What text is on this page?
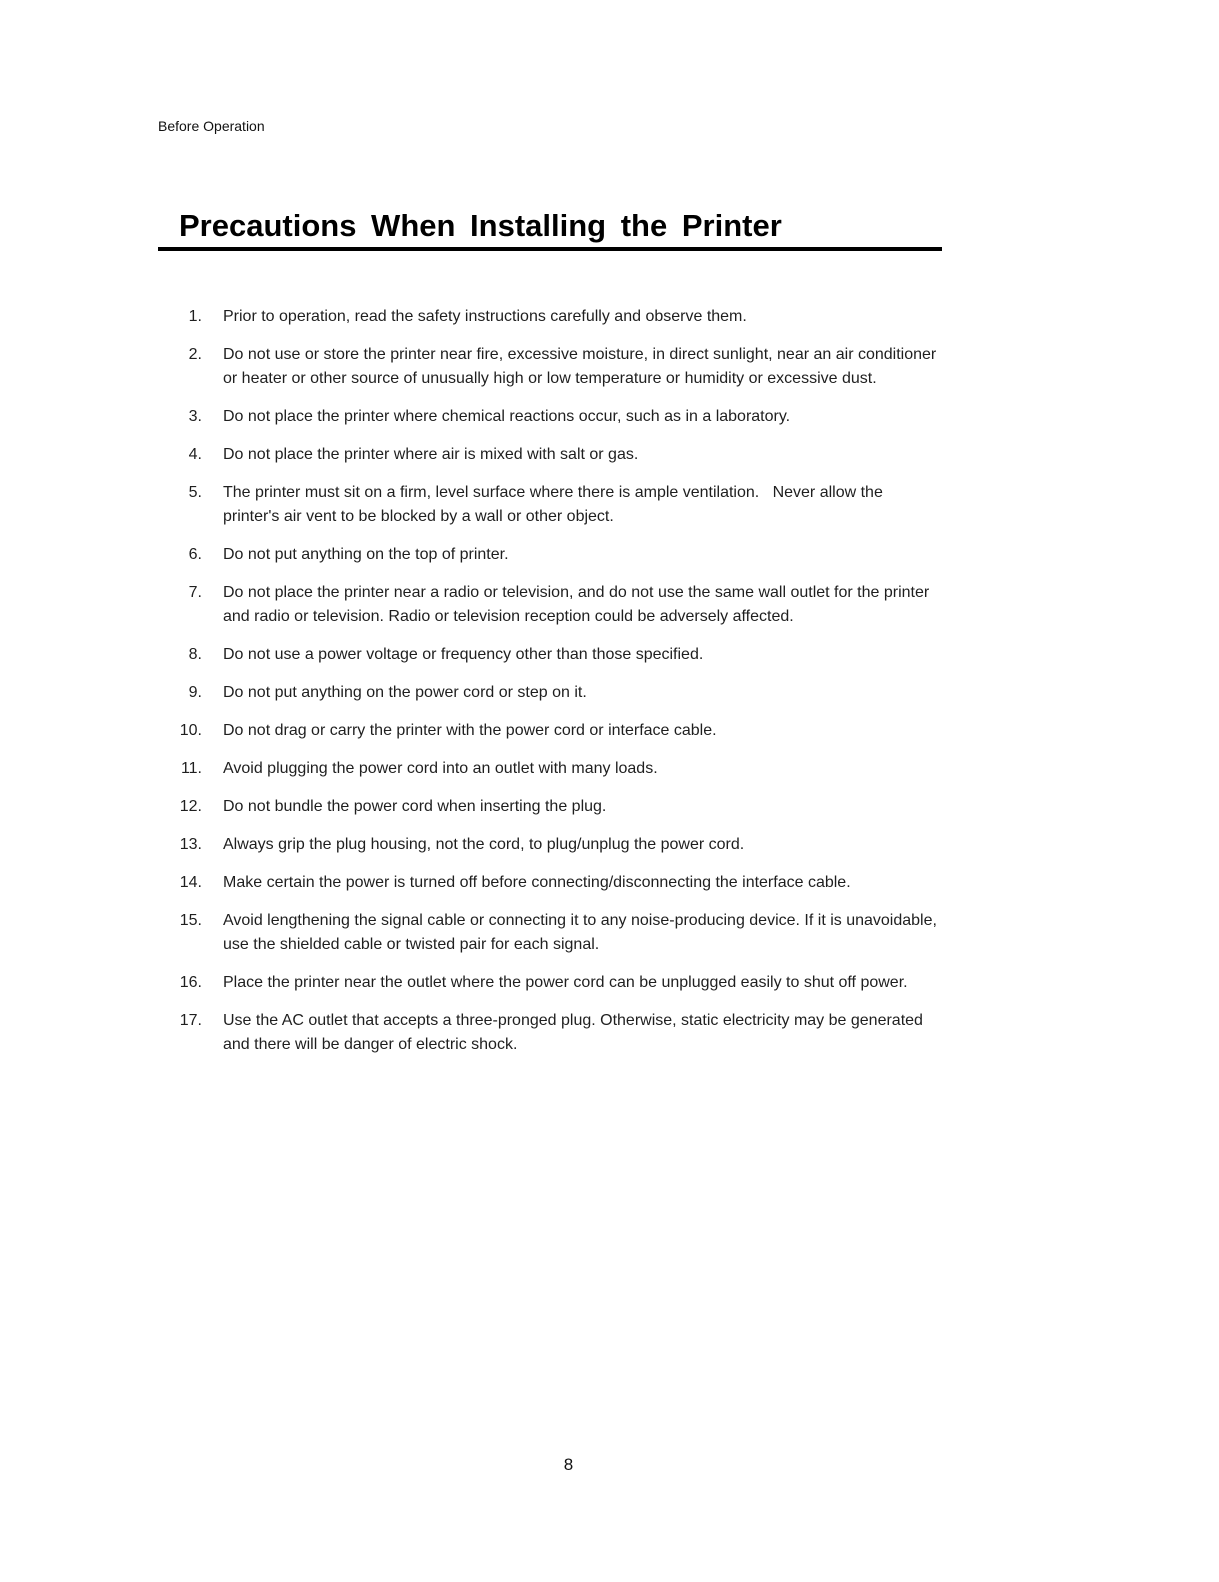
Before Operation
Precautions When Installing the Printer
1. Prior to operation, read the safety instructions carefully and observe them.
2. Do not use or store the printer near fire, excessive moisture, in direct sunlight, near an air conditioner or heater or other source of unusually high or low temperature or humidity or excessive dust.
3. Do not place the printer where chemical reactions occur, such as in a laboratory.
4. Do not place the printer where air is mixed with salt or gas.
5. The printer must sit on a firm, level surface where there is ample ventilation.   Never allow the printer's air vent to be blocked by a wall or other object.
6. Do not put anything on the top of printer.
7. Do not place the printer near a radio or television, and do not use the same wall outlet for the printer and radio or television. Radio or television reception could be adversely affected.
8. Do not use a power voltage or frequency other than those specified.
9. Do not put anything on the power cord or step on it.
10. Do not drag or carry the printer with the power cord or interface cable.
11. Avoid plugging the power cord into an outlet with many loads.
12. Do not bundle the power cord when inserting the plug.
13. Always grip the plug housing, not the cord, to plug/unplug the power cord.
14. Make certain the power is turned off before connecting/disconnecting the interface cable.
15. Avoid lengthening the signal cable or connecting it to any noise-producing device. If it is unavoidable, use the shielded cable or twisted pair for each signal.
16. Place the printer near the outlet where the power cord can be unplugged easily to shut off power.
17. Use the AC outlet that accepts a three-pronged plug. Otherwise, static electricity may be generated and there will be danger of electric shock.
8
